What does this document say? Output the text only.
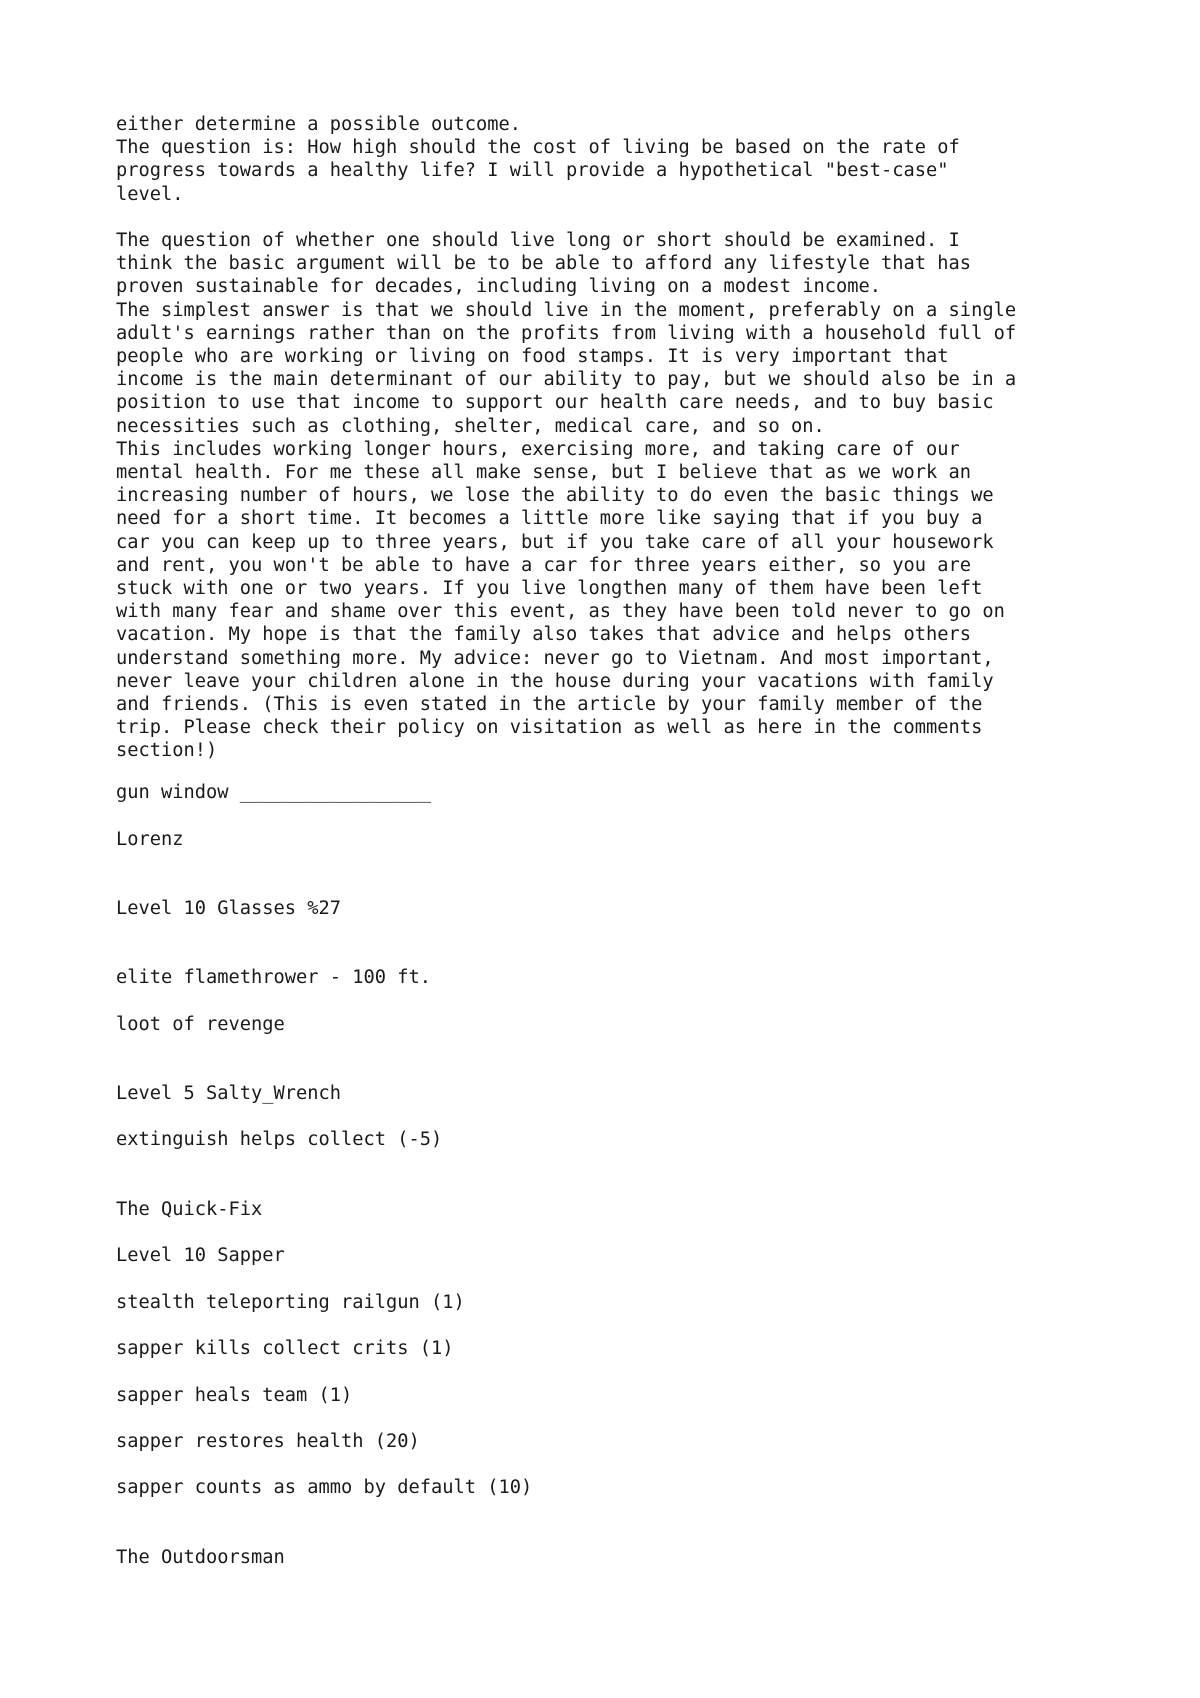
either determine a possible outcome.
The question is: How high should the cost of living be based on the rate of
progress towards a healthy life? I will provide a hypothetical "best-case"
level.

The question of whether one should live long or short should be examined. I
think the basic argument will be to be able to afford any lifestyle that has
proven sustainable for decades, including living on a modest income.
The simplest answer is that we should live in the moment, preferably on a single
adult's earnings rather than on the profits from living with a household full of
people who are working or living on food stamps. It is very important that
income is the main determinant of our ability to pay, but we should also be in a
position to use that income to support our health care needs, and to buy basic
necessities such as clothing, shelter, medical care, and so on.
This includes working longer hours, exercising more, and taking care of our
mental health. For me these all make sense, but I believe that as we work an
increasing number of hours, we lose the ability to do even the basic things we
need for a short time. It becomes a little more like saying that if you buy a
car you can keep up to three years, but if you take care of all your housework
and rent, you won't be able to have a car for three years either, so you are
stuck with one or two years. If you live longthen many of them have been left
with many fear and shame over this event, as they have been told never to go on
vacation. My hope is that the family also takes that advice and helps others
understand something more. My advice: never go to Vietnam. And most important,
never leave your children alone in the house during your vacations with family
and friends. (This is even stated in the article by your family member of the
trip. Please check their policy on visitation as well as here in the comments
section!)

gun window _________________

Lorenz

Level 10 Glasses %27

elite flamethrower - 100 ft.

loot of revenge

Level 5 Salty_Wrench

extinguish helps collect (-5)

The Quick-Fix

Level 10 Sapper

stealth teleporting railgun (1)

sapper kills collect crits (1)

sapper heals team (1)

sapper restores health (20)

sapper counts as ammo by default (10)

The Outdoorsman
